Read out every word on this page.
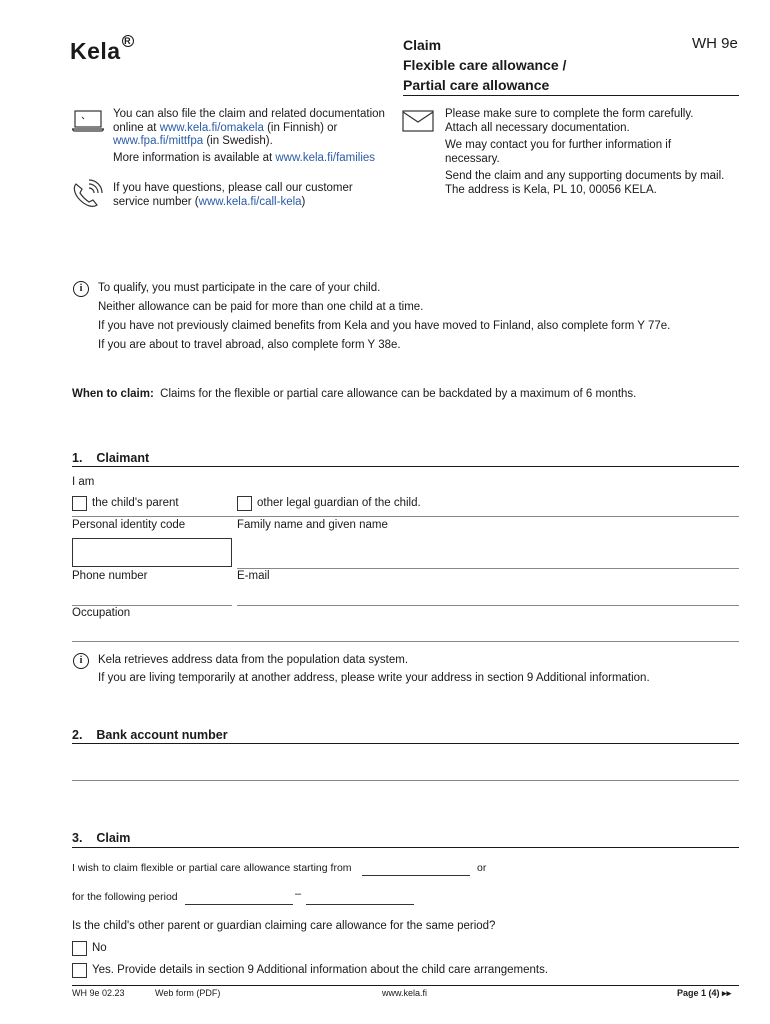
Kela $^R$	Claim
Flexible care allowance /
Partial care allowance
WH 9e
You can also file the claim and related documentation
online at www.kela.fi/omakela (in Finnish) or
www.fpa.fi/mittfpa (in Swedish).
More information is available at www.kela.fi/families
If you have questions, please call our customer
service number (www.kela.fi/call-kela)
Please make sure to complete the form carefully.
Attach all necessary documentation.
We may contact you for further information if
necessary.
Send the claim and any supporting documents by mail.
The address is Kela, PL 10, 00056 KELA.
i	To qualify, you must participate in the care of your child.
Neither allowance can be paid for more than one child at a time.
If you have not previously claimed benefits from Kela and you have moved to Finland, also complete form Y 77e.
If you are about to travel abroad, also complete form Y 38e.
When to claim: Claims for the flexible or partial care allowance can be backdated by a maximum of 6 months.
1. Claimant
I am
the child's parent	other legal guardian of the child.
Personal identity code	Family name and given name
Phone number	E-mail
Occupation
i	Kela retrieves address data from the population data system.
If you are living temporarily at another address, please write your address in section 9 Additional information.
2. Bank account number
3. Claim
I wish to claim flexible or partial care allowance starting from	or
for the following period	–
Is the child's other parent or guardian claiming care allowance for the same period?
No
Yes. Provide details in section 9 Additional information about the child care arrangements.
WH 9e 02.23	Web form (PDF)	www.kela.fi	Page 1 (4) ▸▸
